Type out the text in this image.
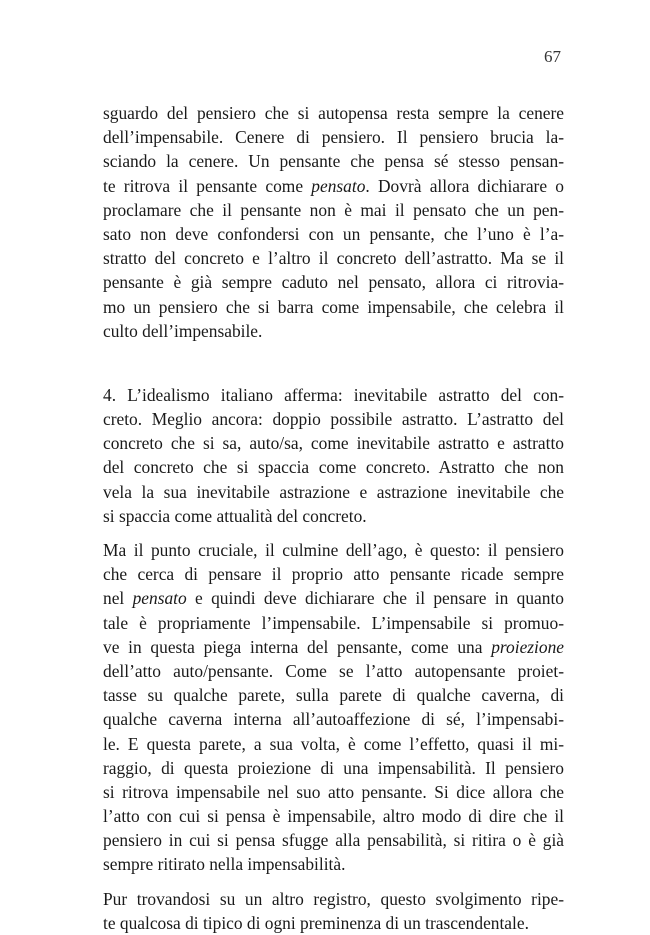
67
sguardo del pensiero che si autopensa resta sempre la cenere
dell’impensabile. Cenere di pensiero. Il pensiero brucia la-
sciando la cenere. Un pensante che pensa sé stesso pensan-
te ritrova il pensante come pensato. Dovrà allora dichiarare o
proclamare che il pensante non è mai il pensato che un pen-
sato non deve confondersi con un pensante, che l’uno è l’a-
stratto del concreto e l’altro il concreto dell’astratto. Ma se il
pensante è già sempre caduto nel pensato, allora ci ritrovia-
mo un pensiero che si barra come impensabile, che celebra il
culto dell’impensabile.
4. L’idealismo italiano afferma: inevitabile astratto del con-
creto. Meglio ancora: doppio possibile astratto. L’astratto del
concreto che si sa, auto/sa, come inevitabile astratto e astratto
del concreto che si spaccia come concreto. Astratto che non
vela la sua inevitabile astrazione e astrazione inevitabile che
si spaccia come attualità del concreto.
Ma il punto cruciale, il culmine dell’ago, è questo: il pensiero
che cerca di pensare il proprio atto pensante ricade sempre
nel pensato e quindi deve dichiarare che il pensare in quanto
tale è propriamente l’impensabile. L’impensabile si promuo-
ve in questa piega interna del pensante, come una proiezione
dell’atto auto/pensante. Come se l’atto autopensante proiet-
tasse su qualche parete, sulla parete di qualche caverna, di
qualche caverna interna all’autoaffezione di sé, l’impensabi-
le. E questa parete, a sua volta, è come l’effetto, quasi il mi-
raggio, di questa proiezione di una impensabilità. Il pensiero
si ritrova impensabile nel suo atto pensante. Si dice allora che
l’atto con cui si pensa è impensabile, altro modo di dire che il
pensiero in cui si pensa sfugge alla pensabilità, si ritira o è già
sempre ritirato nella impensabilità.
Pur trovandosi su un altro registro, questo svolgimento ripe-
te qualcosa di tipico di ogni preminenza di un trascendentale.
